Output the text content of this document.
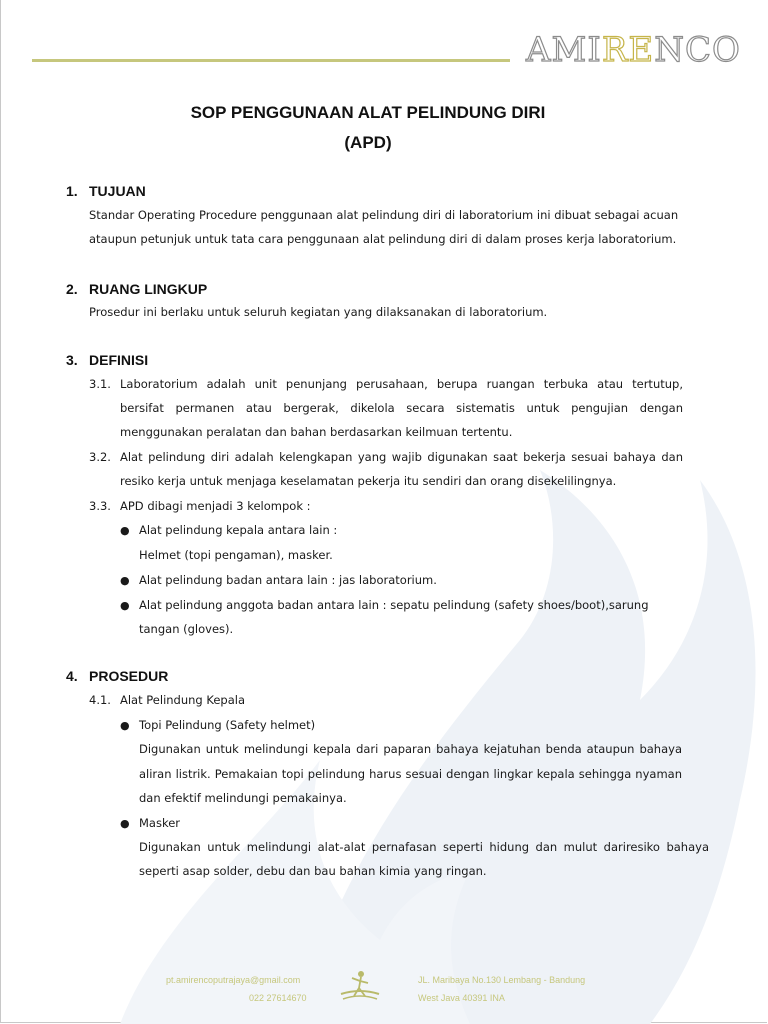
AMIRENCO
SOP PENGGUNAAN ALAT PELINDUNG DIRI
(APD)
1. TUJUAN
Standar Operating Procedure penggunaan alat pelindung diri di laboratorium ini dibuat sebagai acuan
ataupun petunjuk untuk tata cara penggunaan alat pelindung diri di dalam proses kerja laboratorium.
2. RUANG LINGKUP
Prosedur ini berlaku untuk seluruh kegiatan yang dilaksanakan di laboratorium.
3. DEFINISI
3.1. Laboratorium adalah unit penunjang perusahaan, berupa ruangan terbuka atau tertutup,
bersifat permanen atau bergerak, dikelola secara sistematis untuk pengujian dengan
menggunakan peralatan dan bahan berdasarkan keilmuan tertentu.
3.2. Alat pelindung diri adalah kelengkapan yang wajib digunakan saat bekerja sesuai bahaya dan
resiko kerja untuk menjaga keselamatan pekerja itu sendiri dan orang disekelilingnya.
3.3. APD dibagi menjadi 3 kelompok :
● Alat pelindung kepala antara lain :
Helmet (topi pengaman), masker.
● Alat pelindung badan antara lain : jas laboratorium.
● Alat pelindung anggota badan antara lain : sepatu pelindung (safety shoes/boot),sarung
tangan (gloves).
4. PROSEDUR
4.1. Alat Pelindung Kepala
● Topi Pelindung (Safety helmet)
Digunakan untuk melindungi kepala dari paparan bahaya kejatuhan benda ataupun bahaya
aliran listrik. Pemakaian topi pelindung harus sesuai dengan lingkar kepala sehingga nyaman
dan efektif melindungi pemakainya.
● Masker
Digunakan untuk melindungi alat-alat pernafasan seperti hidung dan mulut dariresiko bahaya
seperti asap solder, debu dan bau bahan kimia yang ringan.
pt.amirencoputrajaya@gmail.com
022 27614670
JL. Maribaya No.130 Lembang - Bandung
West Java 40391 INA
